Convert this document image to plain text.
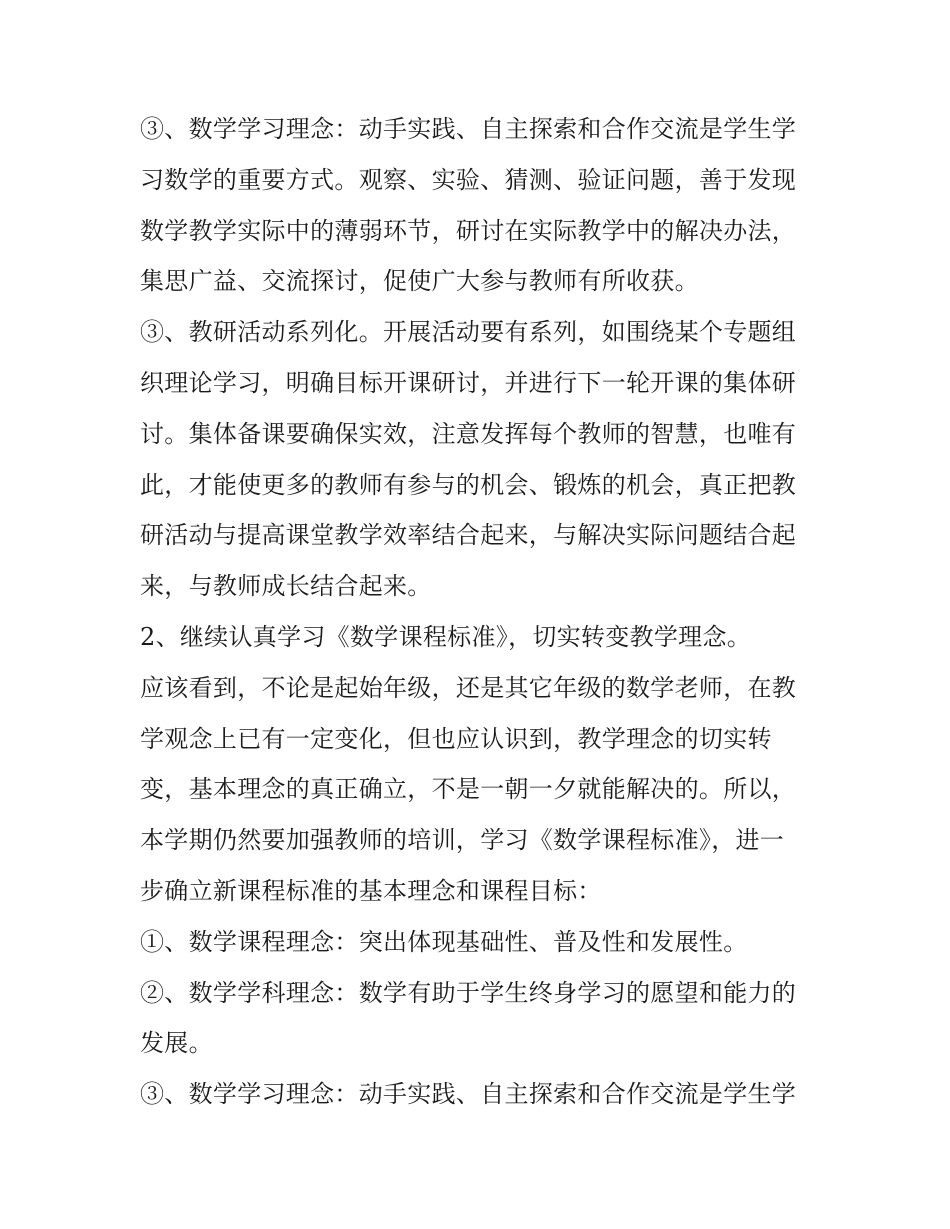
③、数学学习理念：动手实践、自主探索和合作交流是学生学
习数学的重要方式。观察、实验、猜测、验证问题，善于发现
数学教学实际中的薄弱环节，研讨在实际教学中的解决办法，
集思广益、交流探讨，促使广大参与教师有所收获。
③、教研活动系列化。开展活动要有系列，如围绕某个专题组
织理论学习，明确目标开课研讨，并进行下一轮开课的集体研
讨。集体备课要确保实效，注意发挥每个教师的智慧，也唯有
此，才能使更多的教师有参与的机会、锻炼的机会，真正把教
研活动与提高课堂教学效率结合起来，与解决实际问题结合起
来，与教师成长结合起来。
2、继续认真学习《数学课程标准》，切实转变教学理念。
应该看到，不论是起始年级，还是其它年级的数学老师，在教
学观念上已有一定变化，但也应认识到，教学理念的切实转
变，基本理念的真正确立，不是一朝一夕就能解决的。所以，
本学期仍然要加强教师的培训，学习《数学课程标准》，进一
步确立新课程标准的基本理念和课程目标：
①、数学课程理念：突出体现基础性、普及性和发展性。
②、数学学科理念：数学有助于学生终身学习的愿望和能力的
发展。
③、数学学习理念：动手实践、自主探索和合作交流是学生学
